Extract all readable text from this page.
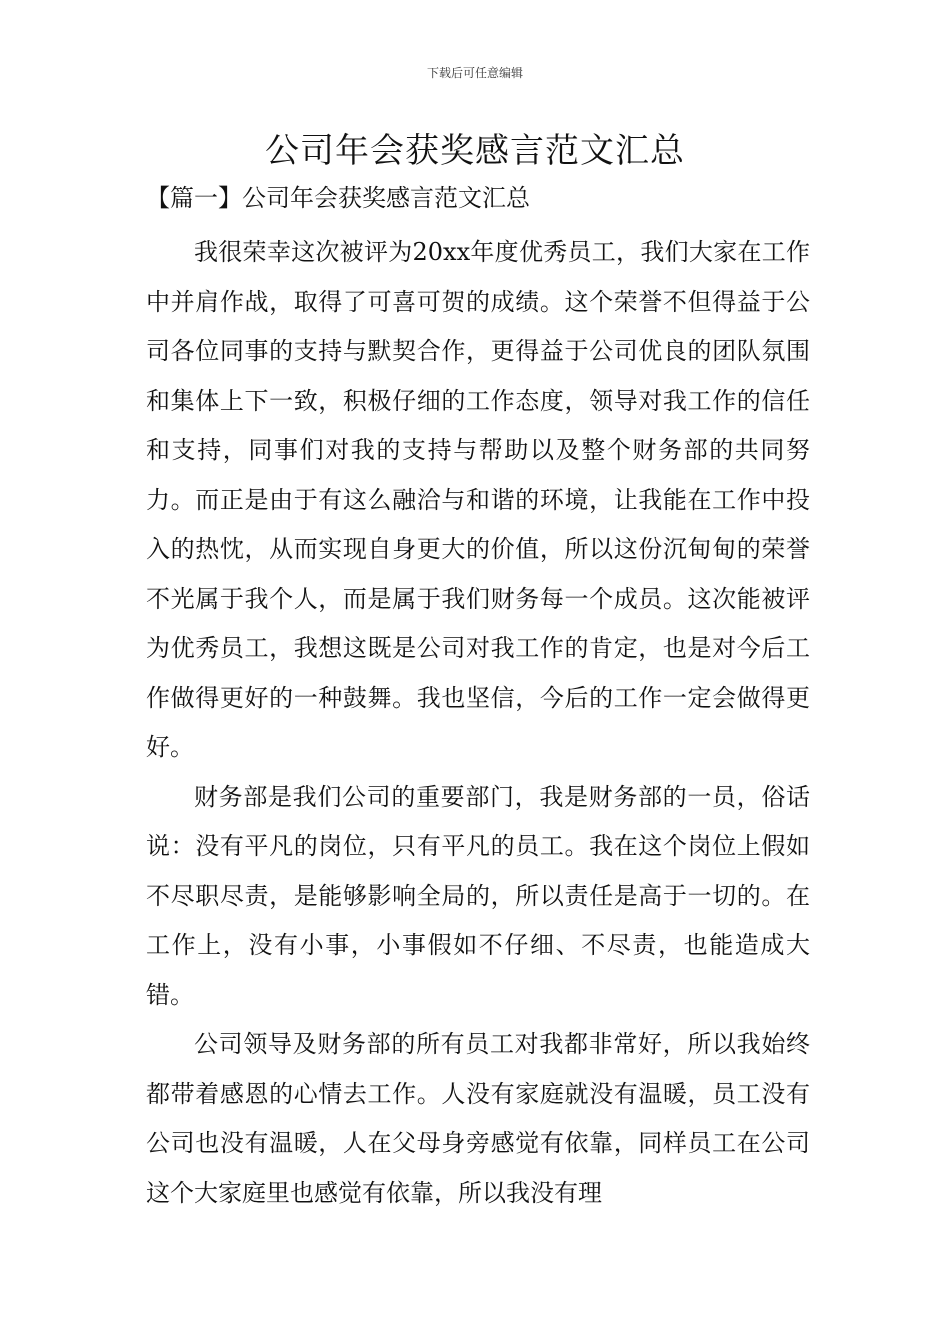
下载后可任意编辑
公司年会获奖感言范文汇总
【篇一】公司年会获奖感言范文汇总

我很荣幸这次被评为20xx年度优秀员工，我们大家在工作中并肩作战，取得了可喜可贺的成绩。这个荣誉不但得益于公司各位同事的支持与默契合作，更得益于公司优良的团队氛围和集体上下一致，积极仔细的工作态度，领导对我工作的信任和支持，同事们对我的支持与帮助以及整个财务部的共同努力。而正是由于有这么融洽与和谐的环境，让我能在工作中投入的热忱，从而实现自身更大的价值，所以这份沉甸甸的荣誉不光属于我个人，而是属于我们财务每一个成员。这次能被评为优秀员工，我想这既是公司对我工作的肯定，也是对今后工作做得更好的一种鼓舞。我也坚信，今后的工作一定会做得更好。

财务部是我们公司的重要部门，我是财务部的一员，俗话说：没有平凡的岗位，只有平凡的员工。我在这个岗位上假如不尽职尽责，是能够影响全局的，所以责任是高于一切的。在工作上，没有小事，小事假如不仔细、不尽责，也能造成大错。

公司领导及财务部的所有员工对我都非常好，所以我始终都带着感恩的心情去工作。人没有家庭就没有温暖，员工没有公司也没有温暖，人在父母身旁感觉有依靠，同样员工在公司这个大家庭里也感觉有依靠，所以我没有理
